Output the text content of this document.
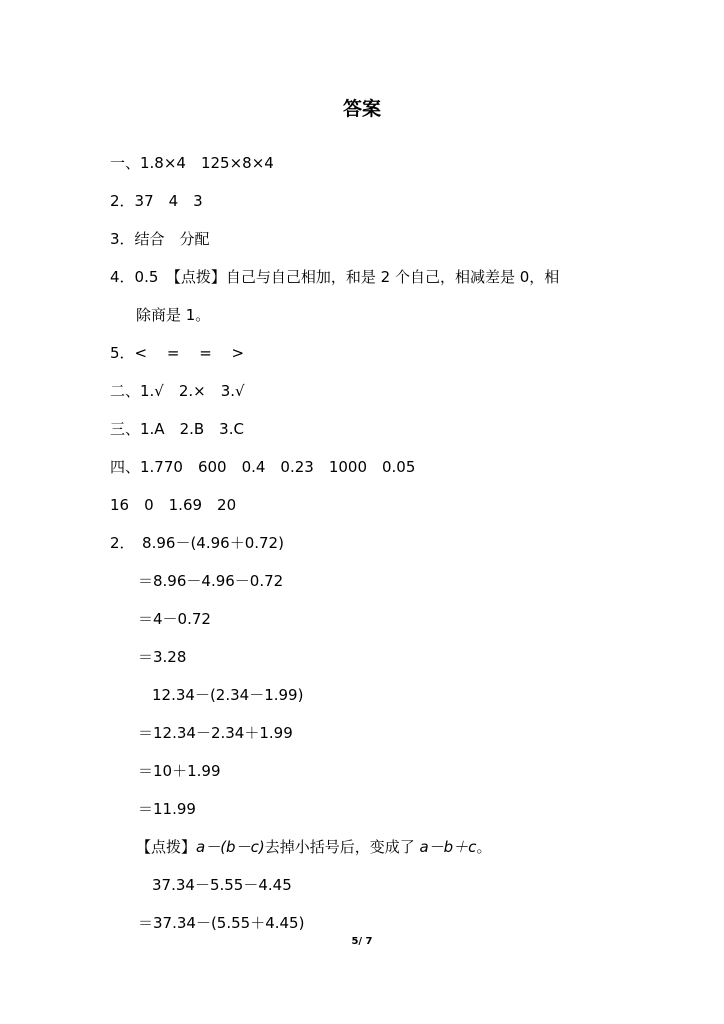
答案
一、1.8×4　125×8×4
2．37　4　3
3．结合　分配
4．0.5　【点拨】自己与自己相加，和是 2 个自己，相减差是 0，相
除商是 1。
5．<　 =　 =　 >
二、1.√　2.×　3.√
三、1.A　2.B　3.C
四、1.770　600　0.4　0.23　1000　0.05
16　0　1.69　20
2．　8.96－(4.96＋0.72)
＝8.96－4.96－0.72
＝4－0.72
＝3.28
12.34－(2.34－1.99)
＝12.34－2.34＋1.99
＝10＋1.99
＝11.99
【点拨】a－(b－c)去掉小括号后，变成了 a－b＋c。
37.34－5.55－4.45
＝37.34－(5.55＋4.45)
5/ 7
